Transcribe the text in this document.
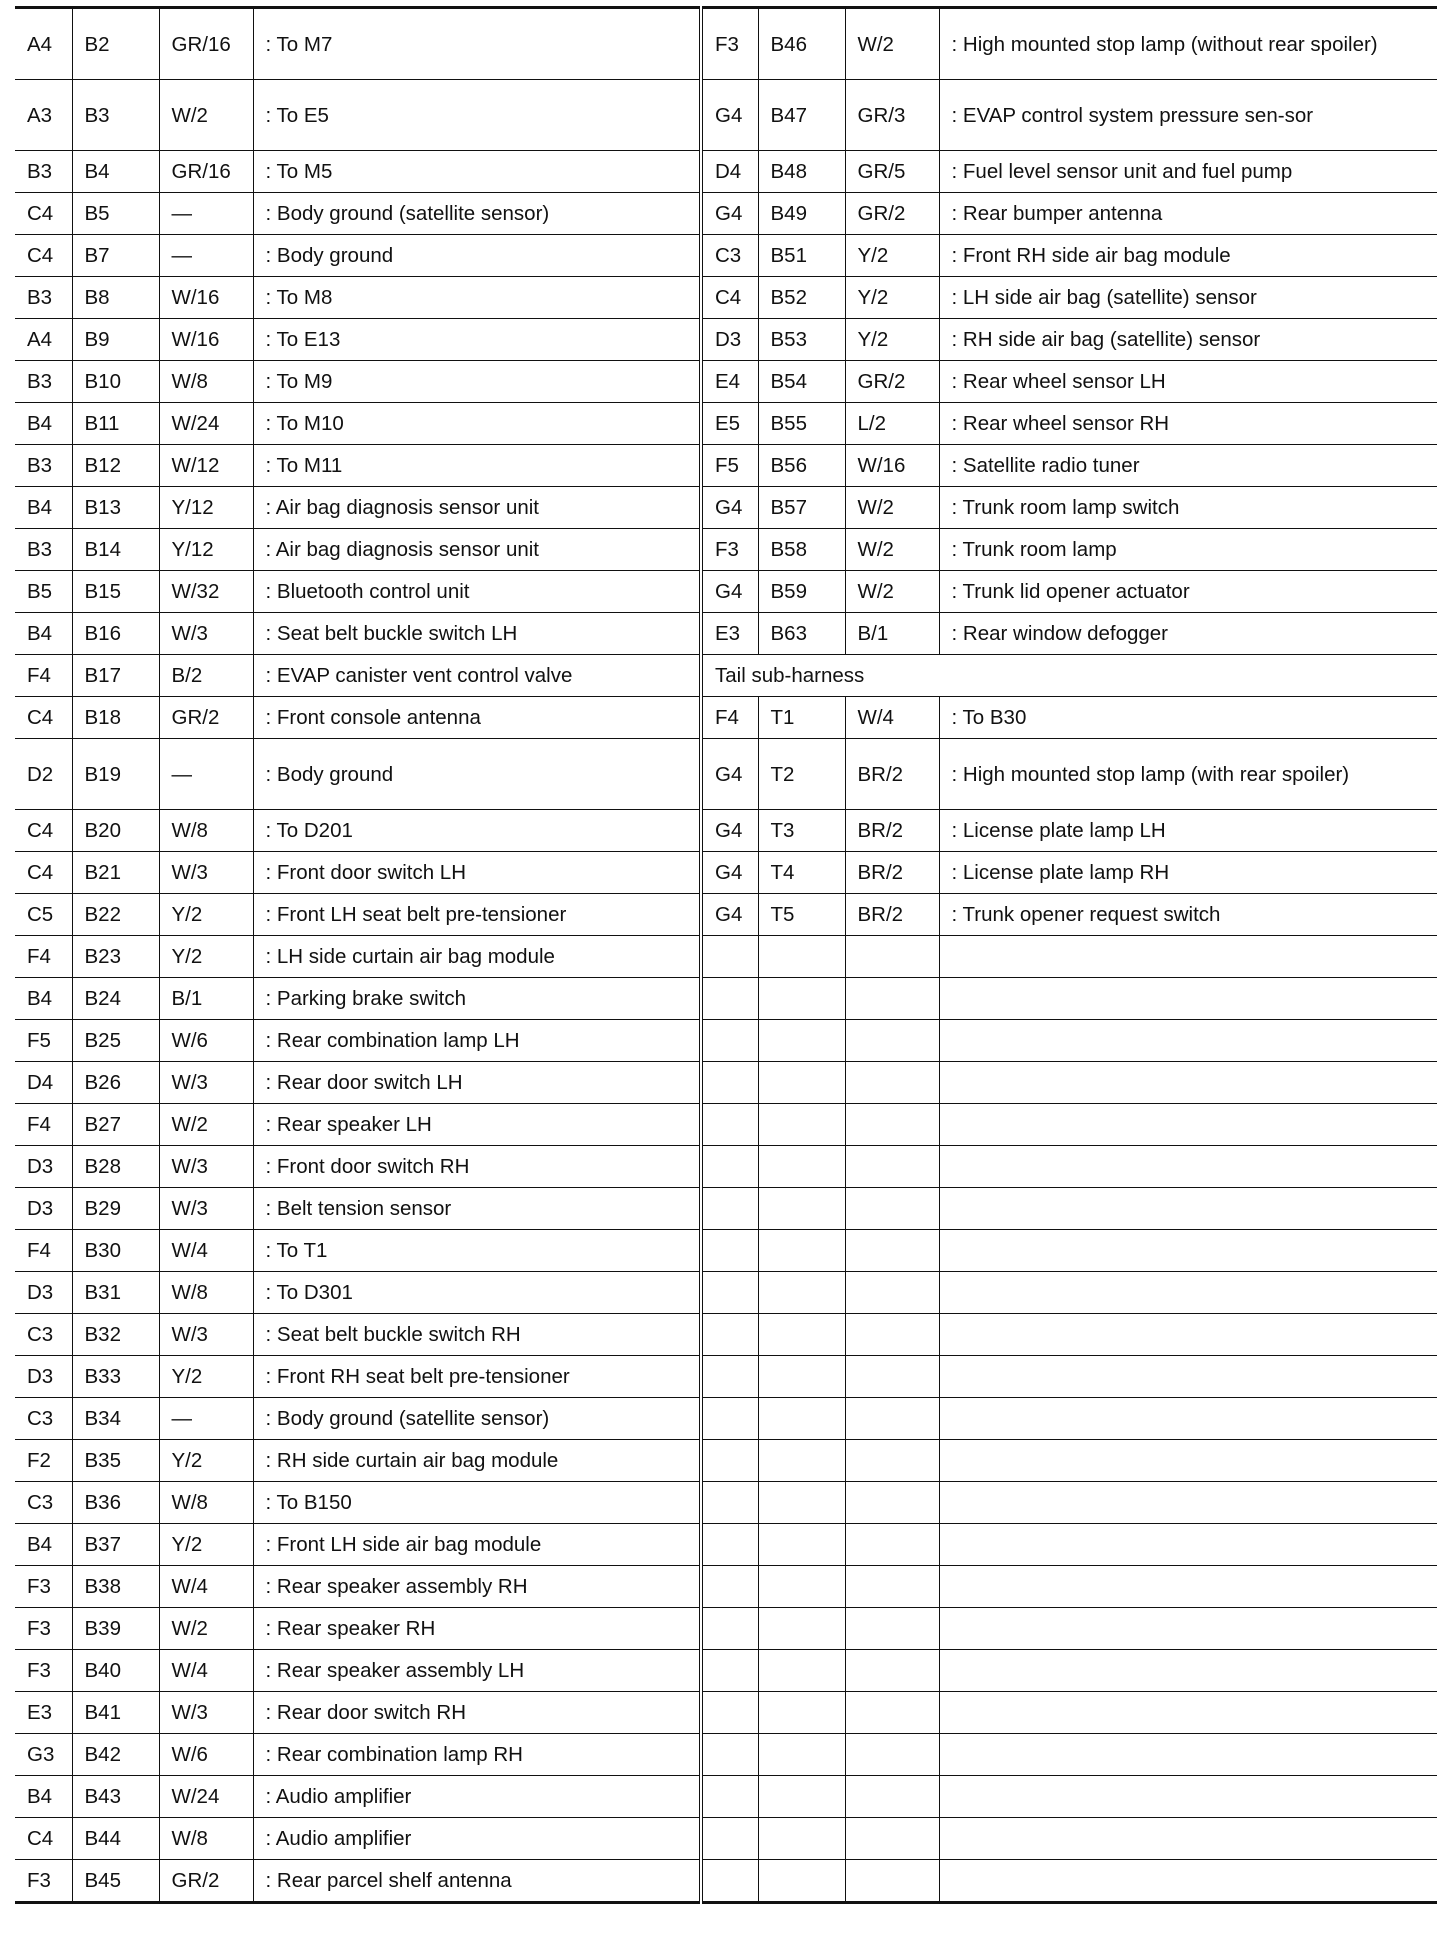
A4	B2	GR/16	: To M7	F3	B46	W/2	: High mounted stop lamp (without rear spoiler)

A3	B3	W/2	: To E5	G4	B47	GR/3	: EVAP control system pressure sen-sor

B3	B4	GR/16	: To M5	D4	B48	GR/5	: Fuel level sensor unit and fuel pump

C4	B5	—	: Body ground (satellite sensor)	G4	B49	GR/2	: Rear bumper antenna

C4	B7	—	: Body ground	C3	B51	Y/2	: Front RH side air bag module

B3	B8	W/16	: To M8	C4	B52	Y/2	: LH side air bag (satellite) sensor

A4	B9	W/16	: To E13	D3	B53	Y/2	: RH side air bag (satellite) sensor

B3	B10	W/8	: To M9	E4	B54	GR/2	: Rear wheel sensor LH

B4	B11	W/24	: To M10	E5	B55	L/2	: Rear wheel sensor RH

B3	B12	W/12	: To M11	F5	B56	W/16	: Satellite radio tuner

B4	B13	Y/12	: Air bag diagnosis sensor unit	G4	B57	W/2	: Trunk room lamp switch

B3	B14	Y/12	: Air bag diagnosis sensor unit	F3	B58	W/2	: Trunk room lamp

B5	B15	W/32	: Bluetooth control unit	G4	B59	W/2	: Trunk lid opener actuator

B4	B16	W/3	: Seat belt buckle switch LH	E3	B63	B/1	: Rear window defogger

F4	B17	B/2	: EVAP canister vent control valve	Tail sub-harness			
C4	B18	GR/2	: Front console antenna	F4	T1	W/4	: To B30

D2	B19	—	: Body ground	G4	T2	BR/2	: High mounted stop lamp (with rear spoiler)

C4	B20	W/8	: To D201	G4	T3	BR/2	: License plate lamp LH

C4	B21	W/3	: Front door switch LH	G4	T4	BR/2	: License plate lamp RH

C5	B22	Y/2	: Front LH seat belt pre-tensioner	G4	T5	BR/2	: Trunk opener request switch

F4	B23	Y/2	: LH side curtain air bag module				
B4	B24	B/1	: Parking brake switch				
F5	B25	W/6	: Rear combination lamp LH				
D4	B26	W/3	: Rear door switch LH				
F4	B27	W/2	: Rear speaker LH				
D3	B28	W/3	: Front door switch RH				
D3	B29	W/3	: Belt tension sensor				
F4	B30	W/4	: To T1				
D3	B31	W/8	: To D301				
C3	B32	W/3	: Seat belt buckle switch RH				
D3	B33	Y/2	: Front RH seat belt pre-tensioner				
C3	B34	—	: Body ground (satellite sensor)				
F2	B35	Y/2	: RH side curtain air bag module				
C3	B36	W/8	: To B150				
B4	B37	Y/2	: Front LH side air bag module				
F3	B38	W/4	: Rear speaker assembly RH				
F3	B39	W/2	: Rear speaker RH				
F3	B40	W/4	: Rear speaker assembly LH				
E3	B41	W/3	: Rear door switch RH				
G3	B42	W/6	: Rear combination lamp RH				
B4	B43	W/24	: Audio amplifier				
C4	B44	W/8	: Audio amplifier				
F3	B45	GR/2	: Rear parcel shelf antenna				
